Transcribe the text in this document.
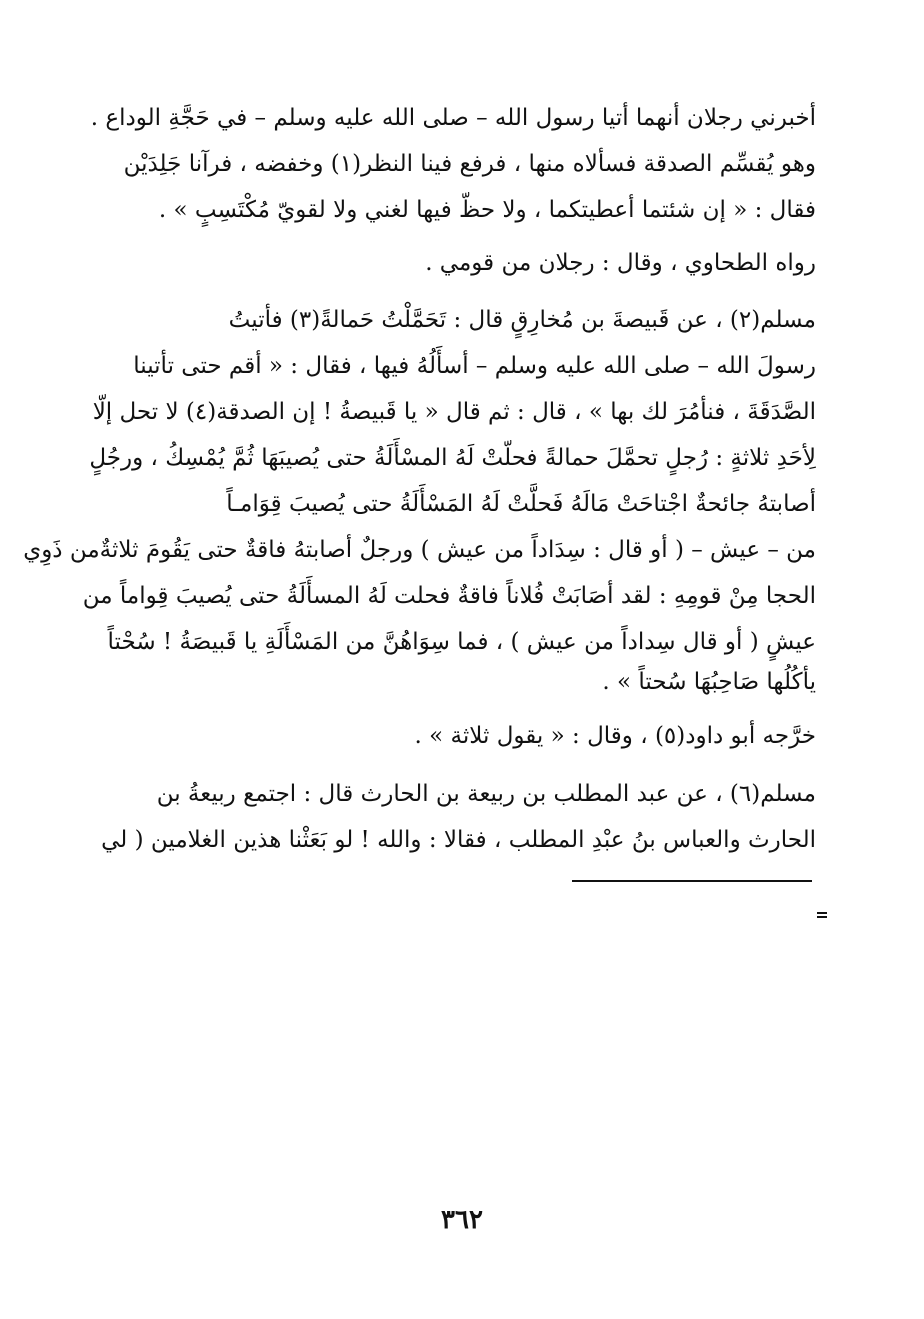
أخبرني رجلان أنهما أتيا رسول الله – صلى الله عليه وسلم – في حَجَّةِ الوداع .
وهو يُقسِّم الصدقة فسألاه منها ، فرفع فينا النظر(١) وخفضه ، فرآنا جَلِدَيْن
فقال : « إن شئتما أعطيتكما ، ولا حظّ فيها لغني ولا لقويّ مُكْتَسِبٍ » .
رواه الطحاوي ، وقال : رجلان من قومي .
مسلم(٢) ، عن قَبيصةَ بن مُخارِقٍ قال : تَحَمَّلْتُ حَمالةً(٣) فأتيتُ
رسولَ الله – صلى الله عليه وسلم – أسأَلُهُ فيها ، فقال : « أقم حتى تأتينا
الصَّدَقَةَ ، فنأمُرَ لك بها » ، قال : ثم قال « يا قَبيصةُ ! إن الصدقة(٤) لا تحل إلّا
لِأحَدِ ثلاثةٍ : رُجلٍ تحمَّلَ حمالةً فحلّتْ لَهُ المسْأَلَةُ حتى يُصيبَهَا ثُمَّ يُمْسِكُ ، ورجُلٍ
أصابتهُ جائحةٌ اجْتاحَتْ مَالَهُ فَحلَّتْ لَهُ المَسْأَلَةُ حتى يُصيبَ قِوَامـاً
من – عيش – ( أو قال : سِدَاداً من عيش ) ورجلٌ أصابتهُ فاقةٌ حتى يَقُومَ ثلاثةٌمن ذَوِي
الحجا مِنْ قومِهِ : لقد أصَابَتْ فُلاناً فاقةٌ فحلت لَهُ المسأَلَةُ حتى يُصيبَ قِواماً من
عيشٍ ( أو قال سِداداً من عيش ) ، فما سِوَاهُنَّ من المَسْأَلَةِ يا قَبيصَةُ ! سُحْتاً
يأكُلُها صَاحِبُهَا سُحتاً » .
خرَّجه أبو داود(٥) ، وقال : « يقول ثلاثة » .
مسلم(٦) ، عن عبد المطلب بن ربيعة بن الحارث قال : اجتمع ربيعةُ بن
الحارث والعباس بنُ عبْدِ المطلب ، فقالا : والله ! لو بَعَثْنا هذين الغلامين ( لي
٣٦٢
